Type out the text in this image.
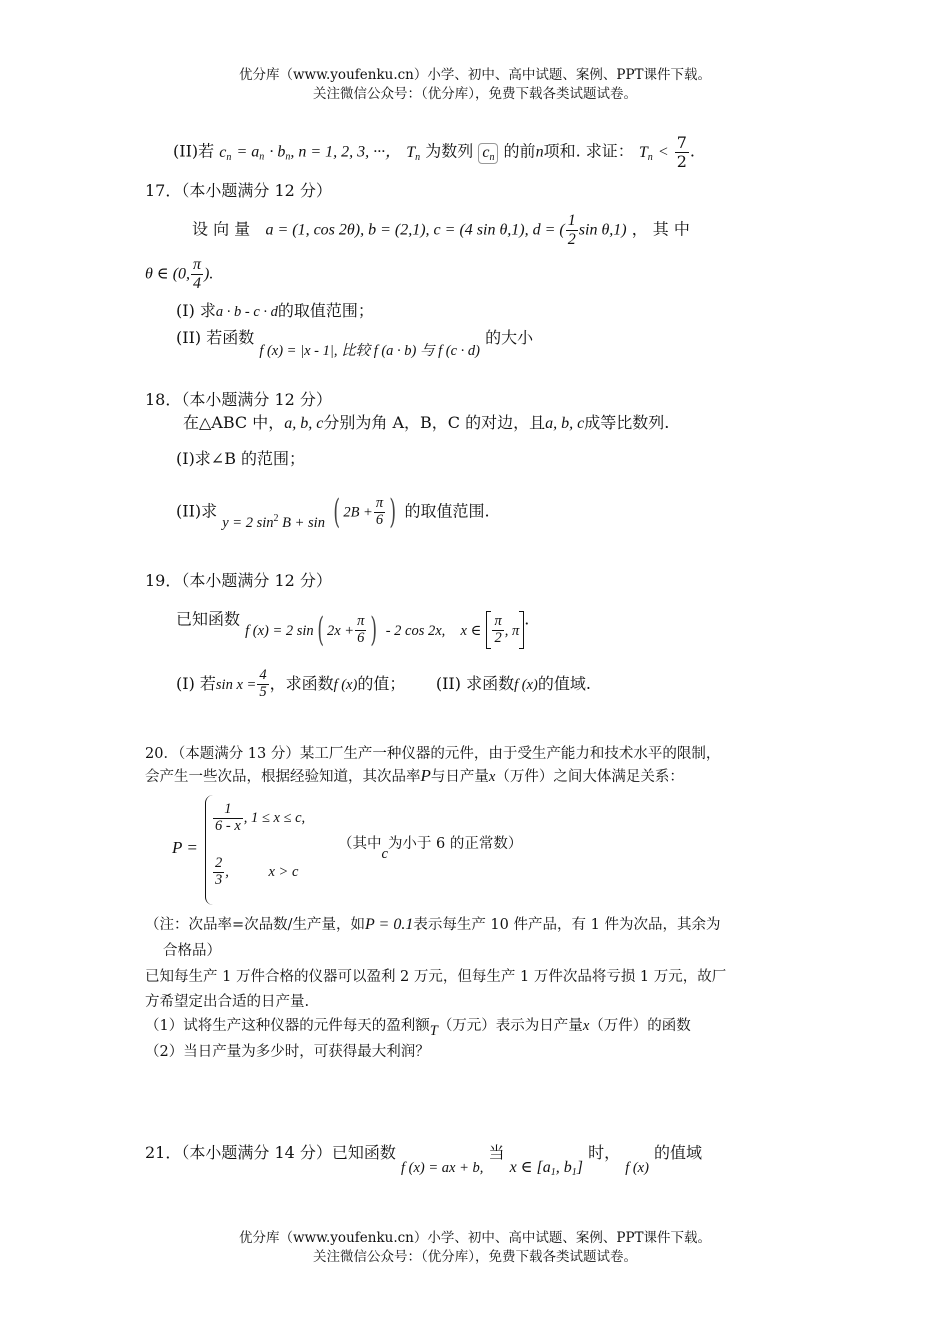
优分库（www.youfenku.cn）小学、初中、高中试题、案例、PPT课件下载。
关注微信公众号：（优分库），免费下载各类试题试卷。
(II)若 $c_n = a_n \cdot b_n$, n = 1, 2, 3, ···， $T_n$ 为数列 $c_n$ 的前n项和. 求证： $T_n < \frac{7}{2}$ .
17．（本小题满分 12 分）
设 向 量 a = (1, cos 2θ), b = (2,1), c = (4 sin θ,1), d = ( $\frac{1}{2}$ sin θ,1) ， 其 中
θ ∈ (0, $\frac{\pi}{4}$ ).
(I) 求a · b - c · d的取值范围；
(II) 若函数 f (x) = |x - 1|, 比较 f (a · b) 与 f (c · d) 的大小
18．（本小题满分 12 分）
在△ABC 中，a, b, c分别为角 A，B，C 的对边，且a, b, c成等比数列.
(I)求∠B 的范围；
(II)求 y = 2 $\sin^2 B + \sin$ ( $2B + \frac{\pi}{6}$ ) 的取值范围.
19．（本小题满分 12 分）
已知函数 f (x) = 2 sin( $2x + \frac{\pi}{6}$ ) - 2 cos 2x, x ∈ $\frac{\pi}{2}$ , π.
(I) 若$\sin x = \frac{4}{5}$ ，求函数f (x)的值； (II) 求函数f (x)的值域.
20．（本题满分 13 分）某工厂生产一种仪器的元件，由于受生产能力和技术水平的限制，
会产生一些次品，根据经验知道，其次品率P与日产量x（万件）之间大体满足关系：
P =
$\frac{1}{6 - x}$ , 1 ≤ x ≤ c,
（其中c为小于 6 的正常数）
$\frac{2}{3}$ ,	x > c
（注：次品率=次品数/生产量，如P = 0.1表示每生产 10 件产品，有 1 件为次品，其余为
合格品）
已知每生产 1 万件合格的仪器可以盈利 2 万元，但每生产 1 万件次品将亏损 1 万元，故厂
方希望定出合适的日产量.
（1）试将生产这种仪器的元件每天的盈利额T（万元）表示为日产量x（万件）的函数
（2）当日产量为多少时，可获得最大利润？
21．（本小题满分 14 分）已知函数 f (x) = ax + b, 当 x ∈ [$a_1$, $b_1$] 时， f (x) 的值域
优分库（www.youfenku.cn）小学、初中、高中试题、案例、PPT课件下载。
关注微信公众号：（优分库），免费下载各类试题试卷。
